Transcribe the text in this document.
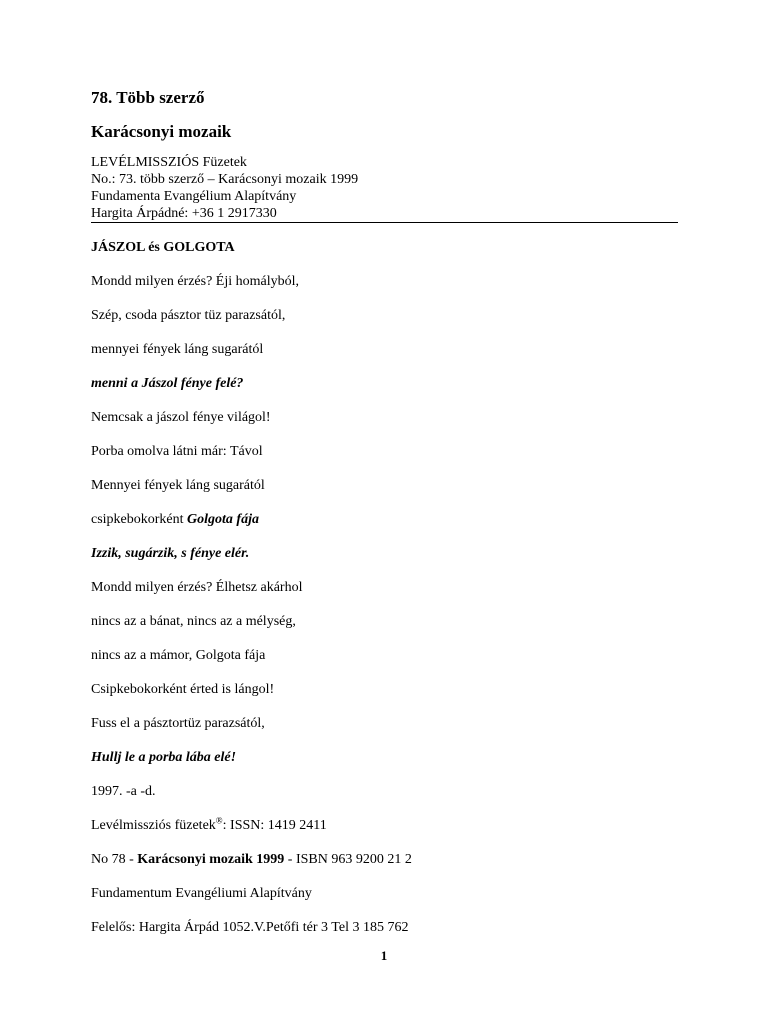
78. Több szerző
Karácsonyi mozaik
LEVÉLMISSZIÓS Füzetek
No.: 73. több szerző – Karácsonyi mozaik 1999
Fundamenta Evangélium Alapítvány
Hargita Árpádné: +36 1 2917330
JÁSZOL és GOLGOTA
Mondd milyen érzés? Éji homályból,
Szép, csoda pásztor tüz parazsától,
mennyei fények láng sugarától
menni a Jászol fénye felé?
Nemcsak a jászol fénye világol!
Porba omolva látni már: Távol
Mennyei fények láng sugarától
csipkebokorként Golgota fája
Izzik, sugárzik, s fénye elér.
Mondd milyen érzés? Élhetsz akárhol
nincs az a bánat, nincs az a mélység,
nincs az a mámor, Golgota fája
Csipkebokorként érted is lángol!
Fuss el a pásztortüz parazsától,
Hullj le a porba lába elé!
1997. -a -d.
Levélmissziós füzetek®: ISSN: 1419 2411
No 78 - Karácsonyi mozaik 1999 - ISBN 963 9200 21 2
Fundamentum Evangéliumi Alapítvány
Felelős: Hargita Árpád 1052.V.Petőfi tér 3 Tel 3 185 762
1
